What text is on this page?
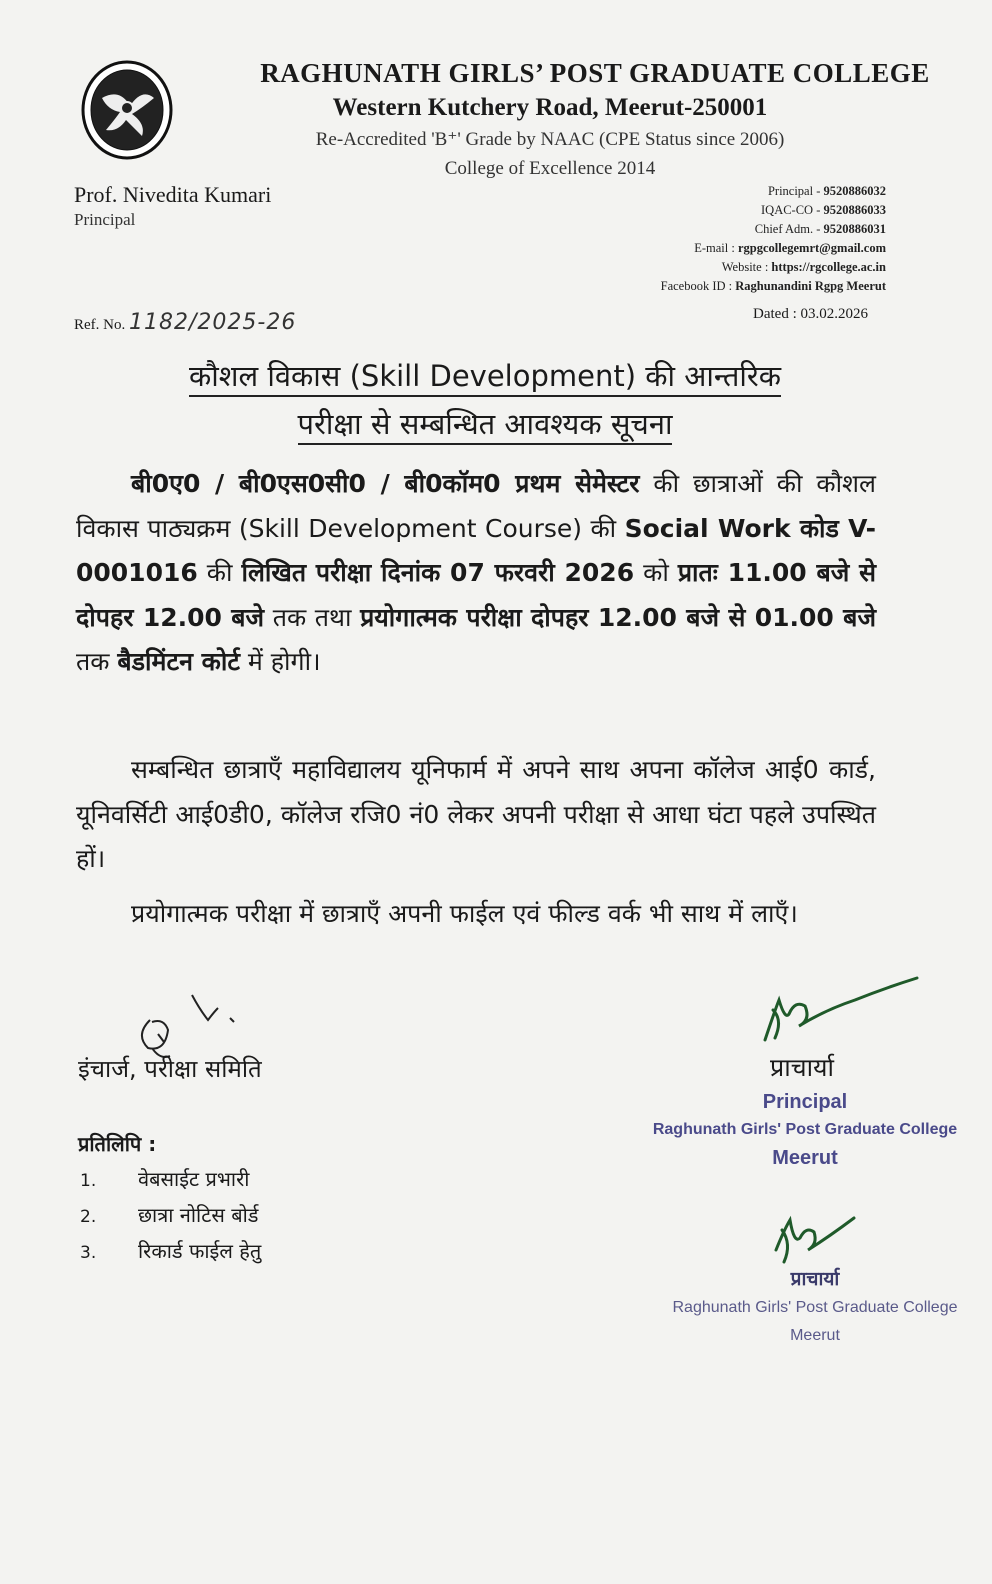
RAGHUNATH GIRLS’ POST GRADUATE COLLEGE
Western Kutchery Road, Meerut-250001
Re-Accredited 'B⁺' Grade by NAAC (CPE Status since 2006)
College of Excellence 2014
Prof. Nivedita Kumari
Principal
Principal - 9520886032
IQAC-CO - 9520886033
Chief Adm. - 9520886031
E-mail : rgpgcollegemrt@gmail.com
Website : https://rgcollege.ac.in
Facebook ID : Raghunandini Rgpg Meerut
Ref. No. 1182/2025-26	Dated : 03.02.2026
कौशल विकास (Skill Development) की आन्तरिक
परीक्षा से सम्बन्धित आवश्यक सूचना
बी0ए0 / बी0एस0सी0 / बी0कॉम0 प्रथम सेमेस्टर की छात्राओं की कौशल विकास पाठ्यक्रम (Skill Development Course) की Social Work कोड V-0001016 की लिखित परीक्षा दिनांक 07 फरवरी 2026 को प्रातः 11.00 बजे से दोपहर 12.00 बजे तक तथा प्रयोगात्मक परीक्षा दोपहर 12.00 बजे से 01.00 बजे तक बैडमिंटन कोर्ट में होगी।
सम्बन्धित छात्राएँ महाविद्यालय यूनिफार्म में अपने साथ अपना कॉलेज आई0 कार्ड, यूनिवर्सिटी आई0डी0, कॉलेज रजि0 नं0 लेकर अपनी परीक्षा से आधा घंटा पहले उपस्थित हों।
प्रयोगात्मक परीक्षा में छात्राएँ अपनी फाईल एवं फील्ड वर्क भी साथ में लाएँ।
इंचार्ज, परीक्षा समिति
प्रतिलिपि :
1. वेबसाईट प्रभारी
2. छात्रा नोटिस बोर्ड
3. रिकार्ड फाईल हेतु
प्राचार्या
Principal
Raghunath Girls' Post Graduate College
Meerut
प्राचार्या
Raghunath Girls' Post Graduate College
Meerut
